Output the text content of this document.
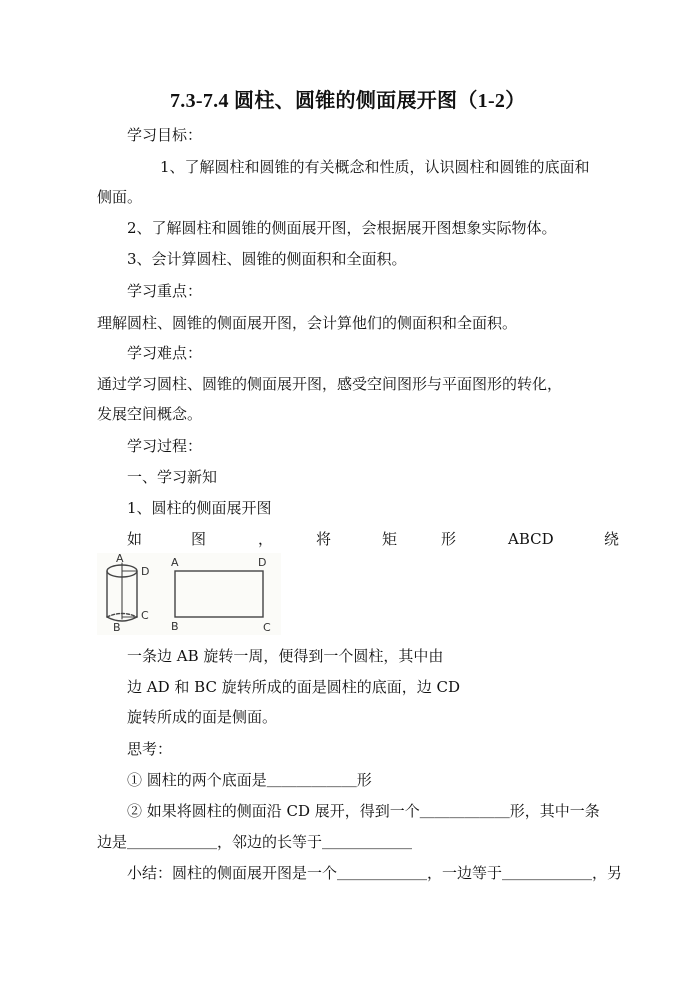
7.3-7.4 圆柱、圆锥的侧面展开图（1-2）
学习目标：
1、了解圆柱和圆锥的有关概念和性质，认识圆柱和圆锥的底面和
侧面。
2、了解圆柱和圆锥的侧面展开图，会根据展开图想象实际物体。
3、会计算圆柱、圆锥的侧面积和全面积。
学习重点：
理解圆柱、圆锥的侧面展开图，会计算他们的侧面积和全面积。
学习难点：
通过学习圆柱、圆锥的侧面展开图，感受空间图形与平面图形的转化，
发展空间概念。
学习过程：
一、学习新知
1、圆柱的侧面展开图
如	图	，	将	矩	形	ABCD	绕
A
D
B
C
A	D
B	C
一条边 AB 旋转一周，便得到一个圆柱，其中由
边 AD 和 BC 旋转所成的面是圆柱的底面，边 CD
旋转所成的面是侧面。
思考：
① 圆柱的两个底面是＿＿＿＿＿＿形
② 如果将圆柱的侧面沿 CD 展开，得到一个＿＿＿＿＿＿形，其中一条
边是＿＿＿＿＿＿，邻边的长等于＿＿＿＿＿＿
小结：圆柱的侧面展开图是一个＿＿＿＿＿＿，一边等于＿＿＿＿＿＿，另
